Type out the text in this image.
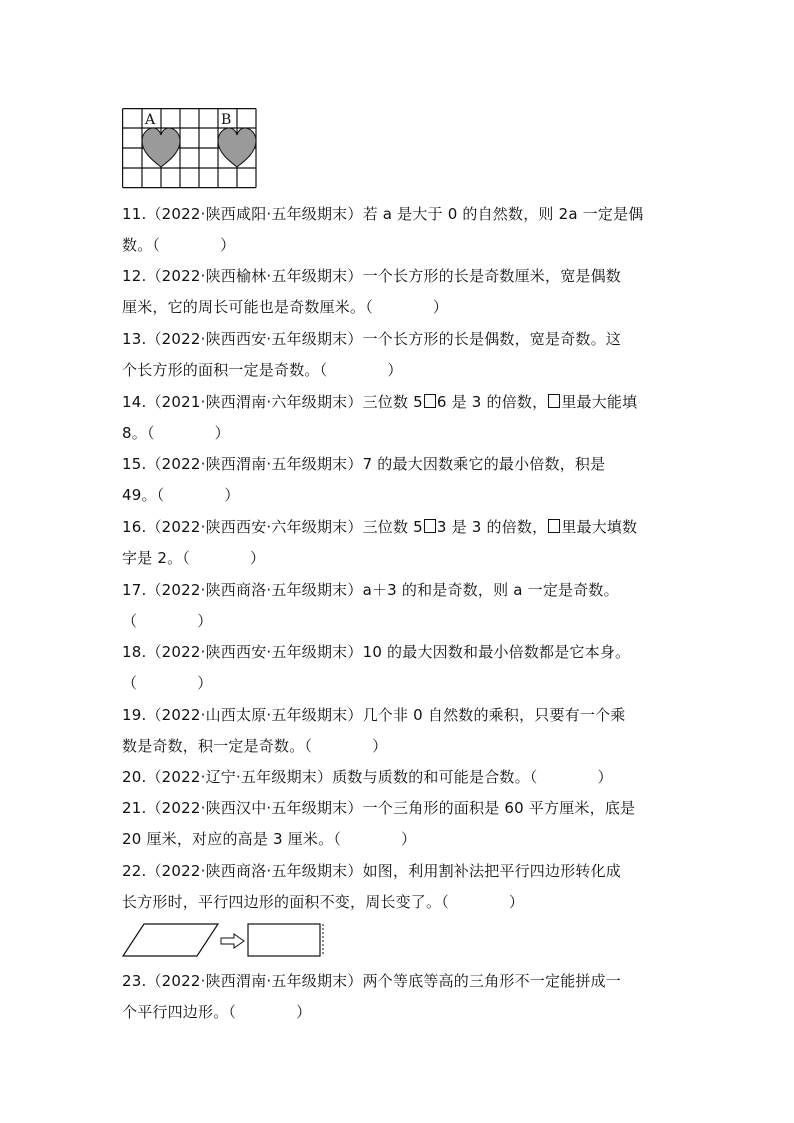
A	B
11.（2022·陕西咸阳·五年级期末）若 a 是大于 0 的自然数，则 2a 一定是偶
数。（	）
12.（2022·陕西榆林·五年级期末）一个长方形的长是奇数厘米，宽是偶数
厘米，它的周长可能也是奇数厘米。（	）
13.（2022·陕西西安·五年级期末）一个长方形的长是偶数，宽是奇数。这
个长方形的面积一定是奇数。（	）
14.（2021·陕西渭南·六年级期末）三位数 5 6 是 3 的倍数， 里最大能填
8。（	）
15.（2022·陕西渭南·五年级期末）7 的最大因数乘它的最小倍数，积是
49。（	）
16.（2022·陕西西安·六年级期末）三位数 5 3 是 3 的倍数， 里最大填数
字是 2。（	）
17.（2022·陕西商洛·五年级期末）a＋3 的和是奇数，则 a 一定是奇数。
（	）
18.（2022·陕西西安·五年级期末）10 的最大因数和最小倍数都是它本身。
（	）
19.（2022·山西太原·五年级期末）几个非 0 自然数的乘积，只要有一个乘
数是奇数，积一定是奇数。（	）
20.（2022·辽宁·五年级期末）质数与质数的和可能是合数。（	）
21.（2022·陕西汉中·五年级期末）一个三角形的面积是 60 平方厘米，底是
20 厘米，对应的高是 3 厘米。（	）
22.（2022·陕西商洛·五年级期末）如图，利用割补法把平行四边形转化成
长方形时，平行四边形的面积不变，周长变了。（	）
23.（2022·陕西渭南·五年级期末）两个等底等高的三角形不一定能拼成一
个平行四边形。（	）
